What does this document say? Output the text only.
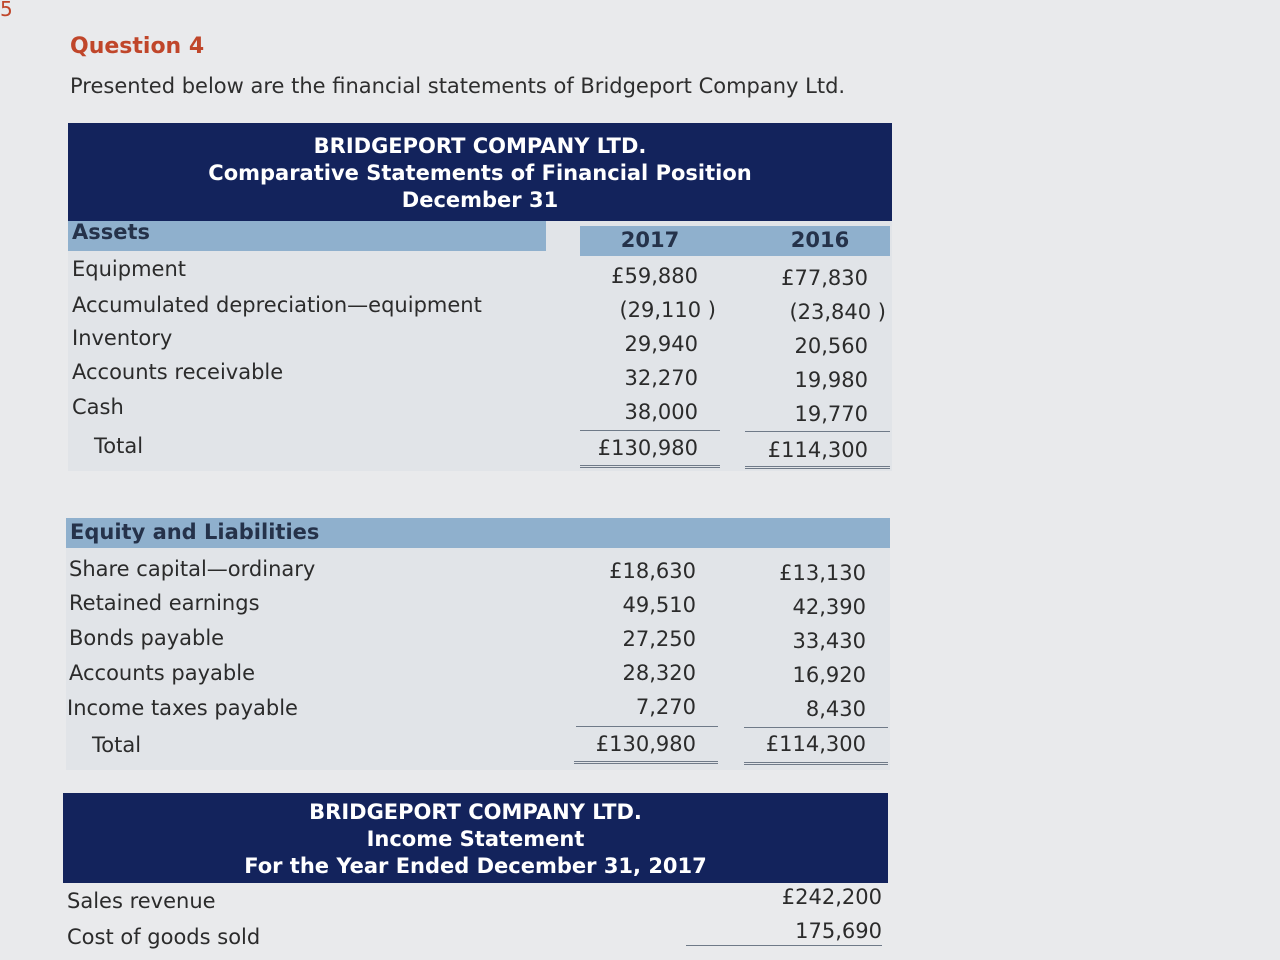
5
Question 4
Presented below are the financial statements of Bridgeport Company Ltd.
BRIDGEPORT COMPANY LTD.
Comparative Statements of Financial Position
December 31
Assets	2017	2016
Equipment	£59,880	£77,830
Accumulated depreciation—equipment	(29,110 )	(23,840 )
Inventory	29,940	20,560
Accounts receivable	32,270	19,980
Cash	38,000	19,770
Total	£130,980	£114,300
Equity and Liabilities
Share capital—ordinary	£18,630	£13,130
Retained earnings	49,510	42,390
Bonds payable	27,250	33,430
Accounts payable	28,320	16,920
Income taxes payable	7,270	8,430
Total	£130,980	£114,300
BRIDGEPORT COMPANY LTD.
Income Statement
For the Year Ended December 31, 2017
Sales revenue	£242,200
Cost of goods sold	175,690
